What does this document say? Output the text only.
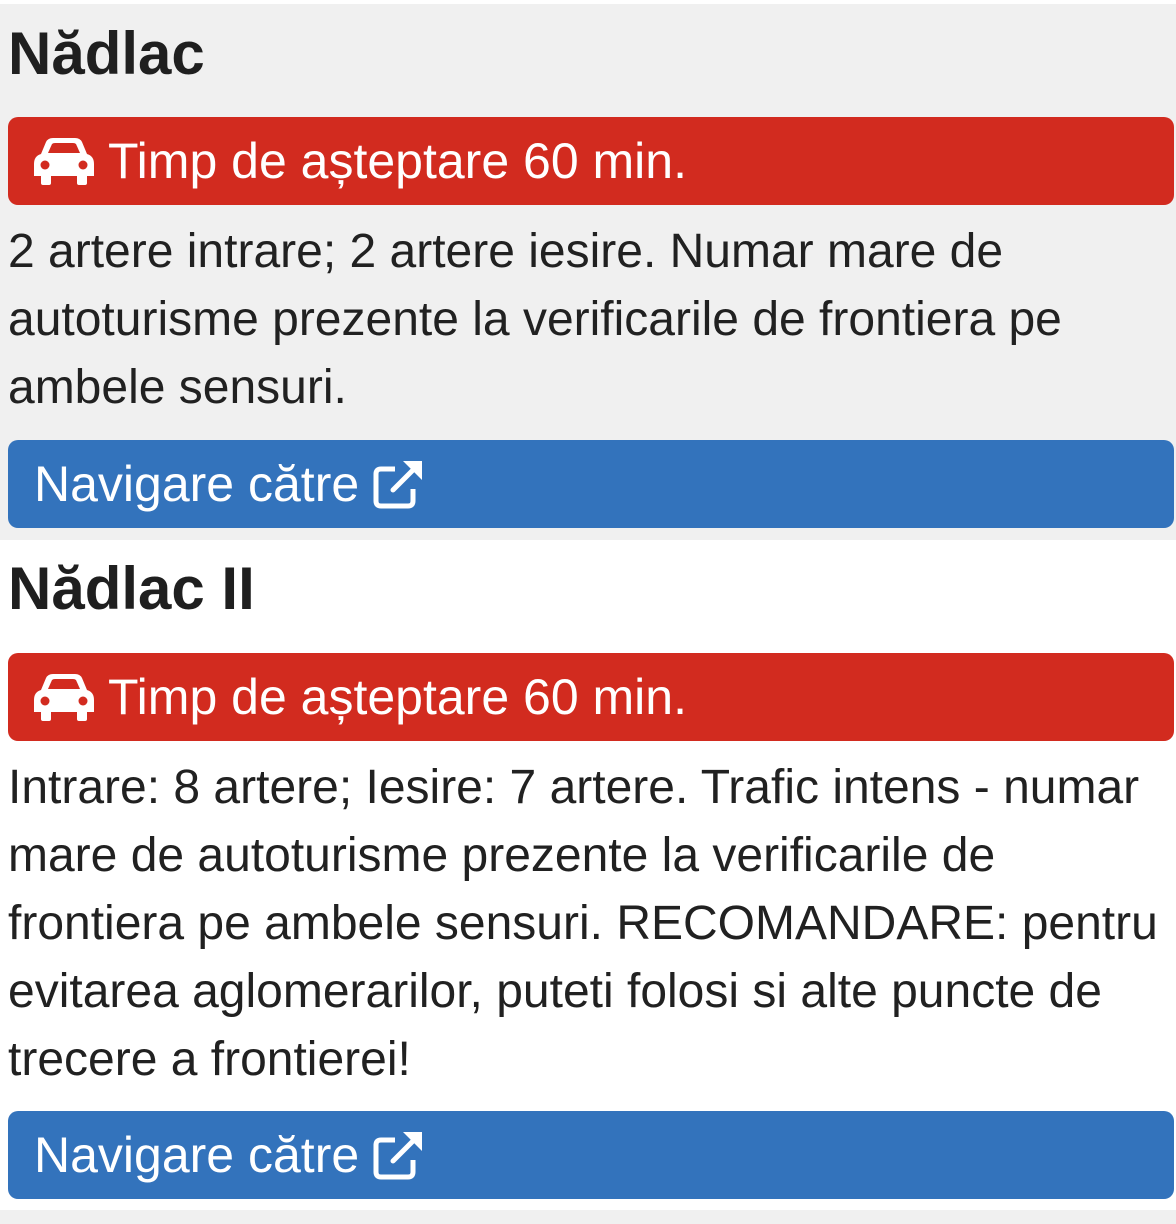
Nădlac
Timp de așteptare 60 min.

2 artere intrare; 2 artere iesire. Numar mare de autoturisme prezente la verificarile de frontiera pe ambele sensuri.

Navigare către
Nădlac II
Timp de așteptare 60 min.

Intrare: 8 artere; Iesire: 7 artere. Trafic intens - numar mare de autoturisme prezente la verificarile de frontiera pe ambele sensuri. RECOMANDARE: pentru evitarea aglomerarilor, puteti folosi si alte puncte de trecere a frontierei!

Navigare către
